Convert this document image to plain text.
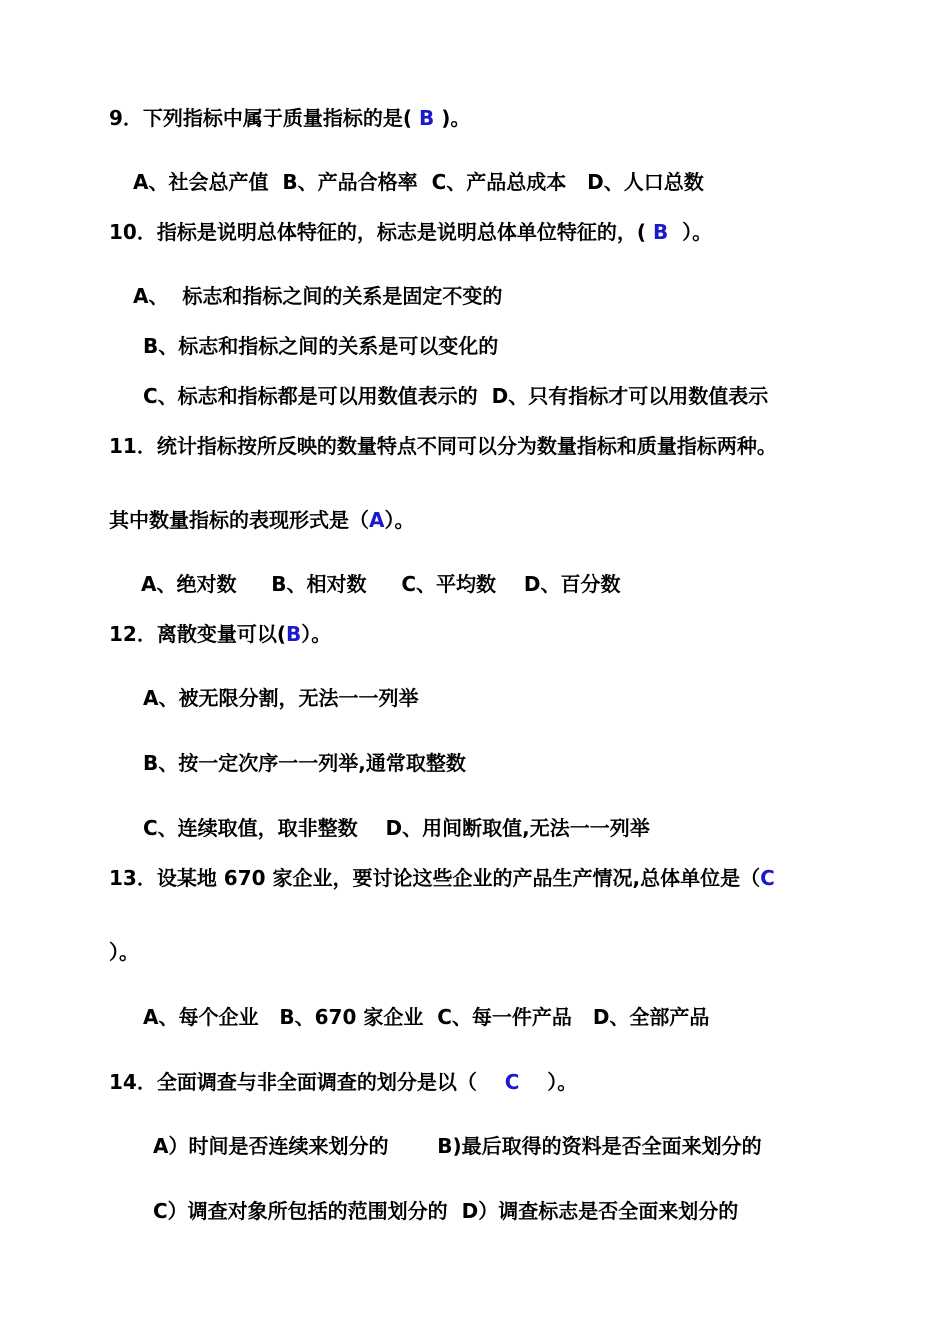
9．下列指标中属于质量指标的是( B )。

A、社会总产值  B、产品合格率  C、产品总成本   D、人口总数

10．指标是说明总体特征的，标志是说明总体单位特征的，( B  ）。

A、  标志和指标之间的关系是固定不变的

B、标志和指标之间的关系是可以变化的

C、标志和指标都是可以用数值表示的  D、只有指标才可以用数值表示

11．统计指标按所反映的数量特点不同可以分为数量指标和质量指标两种。

其中数量指标的表现形式是（A）。

A、绝对数     B、相对数     C、平均数    D、百分数

12．离散变量可以(B）。

A、被无限分割，无法一一列举

B、按一定次序一一列举,通常取整数

C、连续取值，取非整数    D、用间断取值,无法一一列举

13．设某地 670 家企业，要讨论这些企业的产品生产情况,总体单位是（C

）。

A、每个企业   B、670 家企业  C、每一件产品   D、全部产品

14．全面调查与非全面调查的划分是以（    C    ）。

A）时间是否连续来划分的       B)最后取得的资料是否全面来划分的

C）调查对象所包括的范围划分的  D）调查标志是否全面来划分的
